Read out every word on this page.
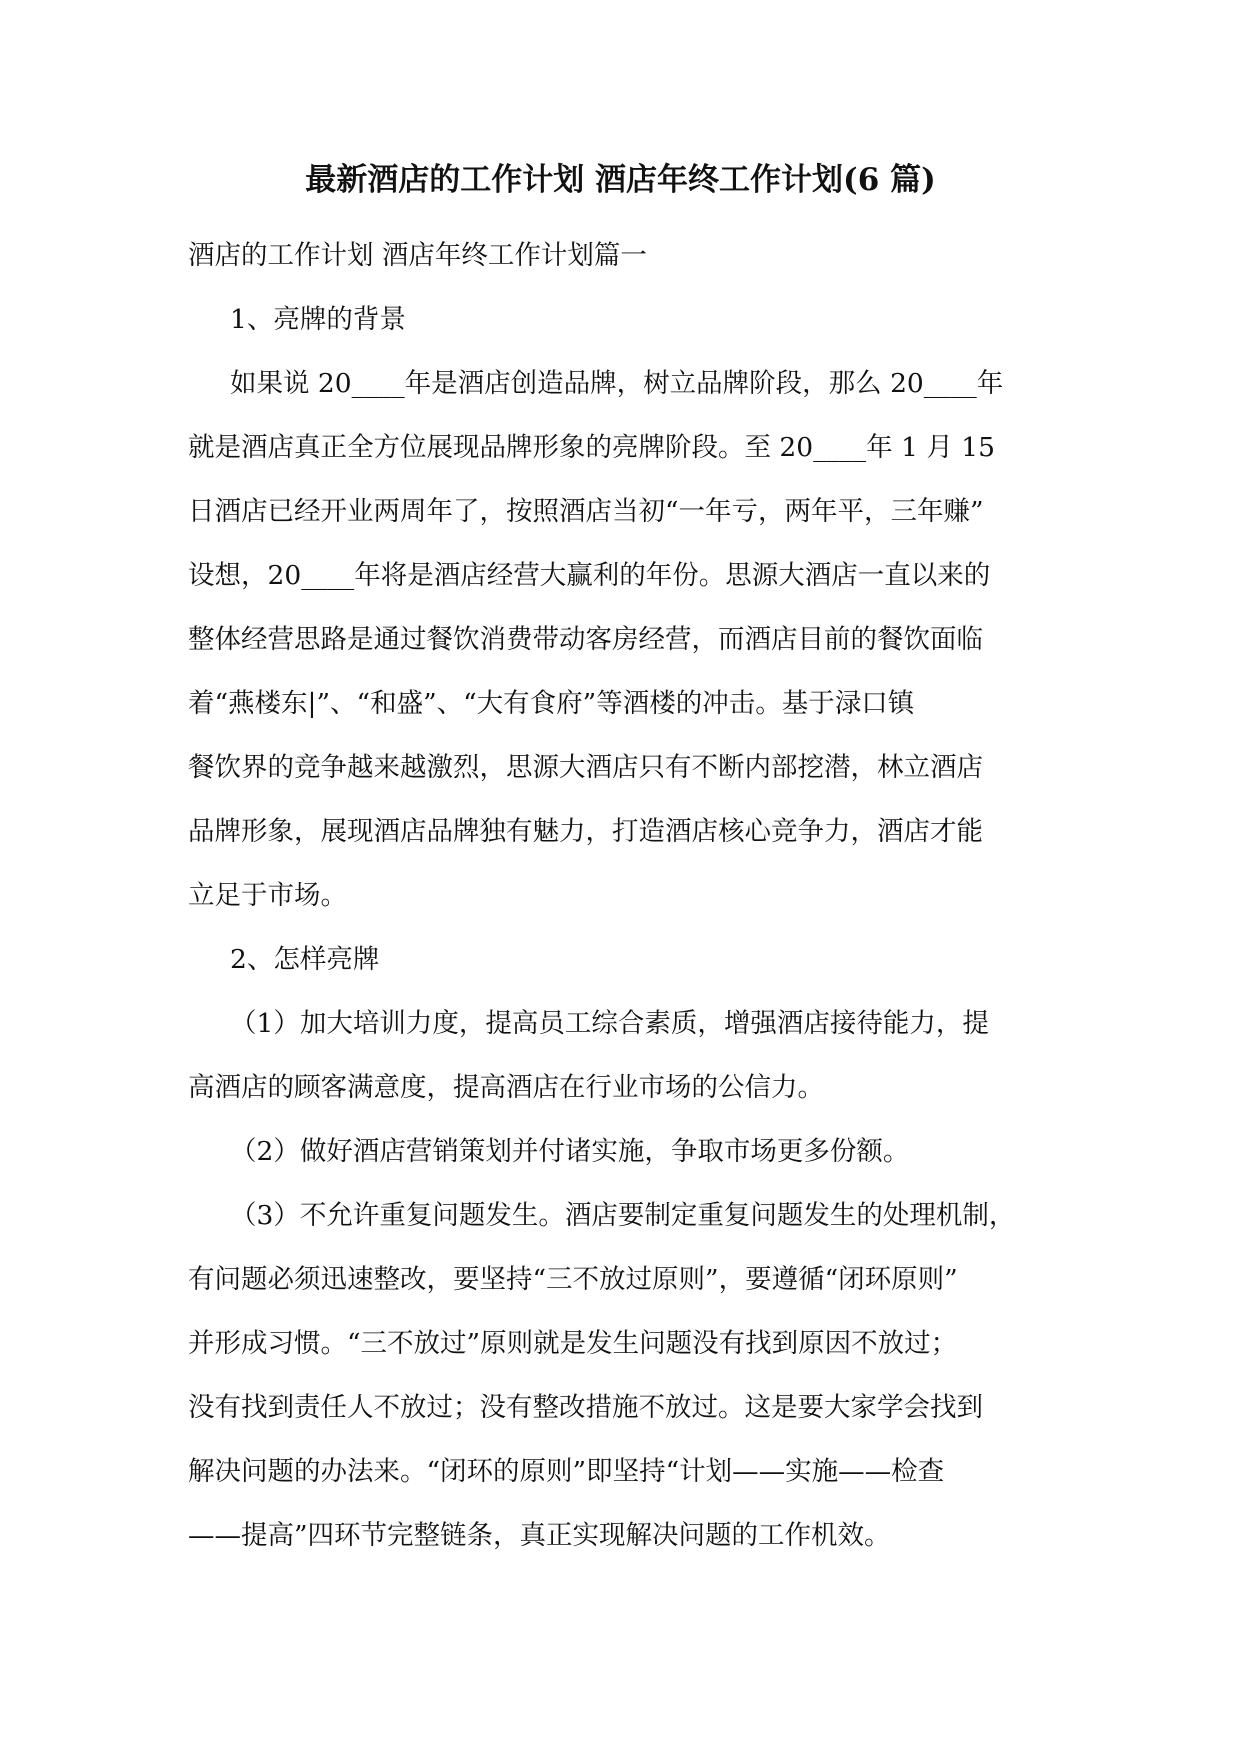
最新酒店的工作计划 酒店年终工作计划(6 篇)
酒店的工作计划 酒店年终工作计划篇一
1、亮牌的背景
如果说 20____年是酒店创造品牌，树立品牌阶段，那么 20____年
就是酒店真正全方位展现品牌形象的亮牌阶段。至 20____年 1 月 15
日酒店已经开业两周年了，按照酒店当初“一年亏，两年平，三年赚”
设想，20____年将是酒店经营大赢利的年份。思源大酒店一直以来的
整体经营思路是通过餐饮消费带动客房经营，而酒店目前的餐饮面临
着“燕楼东|”、“和盛”、“大有食府”等酒楼的冲击。基于渌口镇
餐饮界的竞争越来越激烈，思源大酒店只有不断内部挖潜，林立酒店
品牌形象，展现酒店品牌独有魅力，打造酒店核心竞争力，酒店才能
立足于市场。
2、怎样亮牌
（1）加大培训力度，提高员工综合素质，增强酒店接待能力，提
高酒店的顾客满意度，提高酒店在行业市场的公信力。
（2）做好酒店营销策划并付诸实施，争取市场更多份额。
（3）不允许重复问题发生。酒店要制定重复问题发生的处理机制，
有问题必须迅速整改，要坚持“三不放过原则”，要遵循“闭环原则”
并形成习惯。“三不放过”原则就是发生问题没有找到原因不放过；
没有找到责任人不放过；没有整改措施不放过。这是要大家学会找到
解决问题的办法来。“闭环的原则”即坚持“计划——实施——检查
——提高”四环节完整链条，真正实现解决问题的工作机效。
